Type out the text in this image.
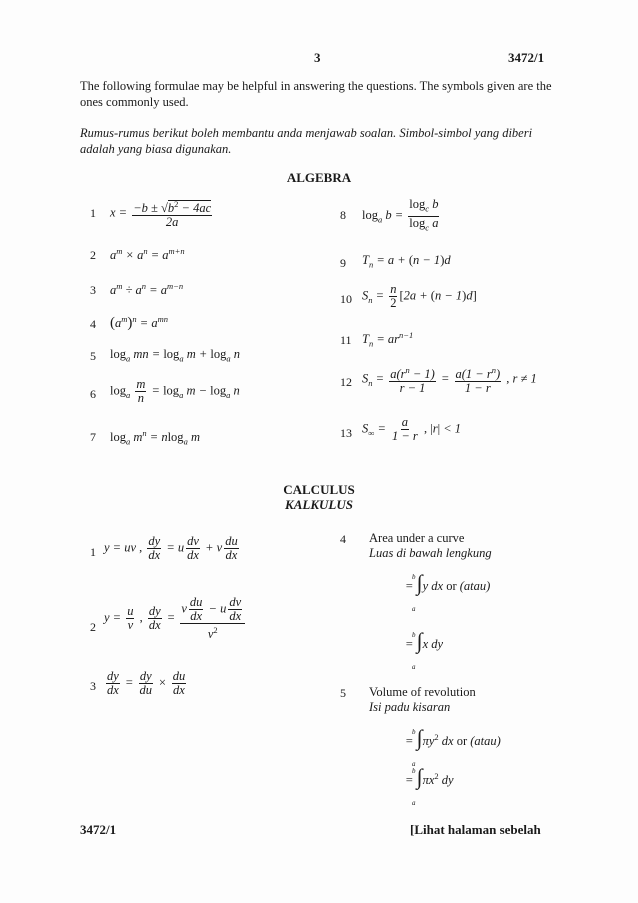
3	3472/1
The following formulae may be helpful in answering the questions. The symbols given are the ones commonly used.
Rumus-rumus berikut boleh membantu anda menjawab soalan. Simbol-simbol yang diberi adalah yang biasa digunakan.
ALGEBRA
1
2
3
4
5
6
7
$x = \frac{-b \pm √b^2 - 4ac}{2a}$
$a^m \times a^n = a^{m+n}$
$a^m \div a^n = a^{m-n}$
$(a^m)^n = a^{mn}$
$\log_a$ mn = $\log_a m + \log_a n$
$\log_a \frac{m}{n} = \log_a m - \log_a n$
$\log_a m^n = nlog_a$ m
8
9
10
11
12
13
$\log_a b = \frac{\log_c b}{\log_c a}$
$T_n = a + (n - 1)d$
$S_n = \frac{n}{2} [2a + (n - 1)d]$
$T_n = ar^{n-1}$
$S_n = \frac{a(r^n - 1)}{r - 1} = \frac{a(1 - r^n)}{1 - r}$ , r ≠ 1
$S_\infty = \frac{a}{1 - r}$ , |r| < 1
CALCULUS
KALKULUS
1
2
3
y = uv , $\frac{dy}{dx} = u \frac{dv}{dx} + v \frac{du}{dx}$
$y = \frac{u}{v}$ , $\frac{dy}{dx} = \frac{v \frac{du}{dx} - u \frac{dv}{dx}}{v^2}$
$\frac{dy}{dx} = \frac{dy}{du} \times \frac{du}{dx}$
4 Area under a curve
Luas di bawah lengkung
b
= ∫y dx or (atau)
a
b
= ∫x dy
a
5 Volume of revolution
Isi padu kisaran
b
= $\int\pi y^2$ dx or (atau)
a
b
= $\int\pi x^2$ dy
a
3472/1	[Lihat halaman sebelah
